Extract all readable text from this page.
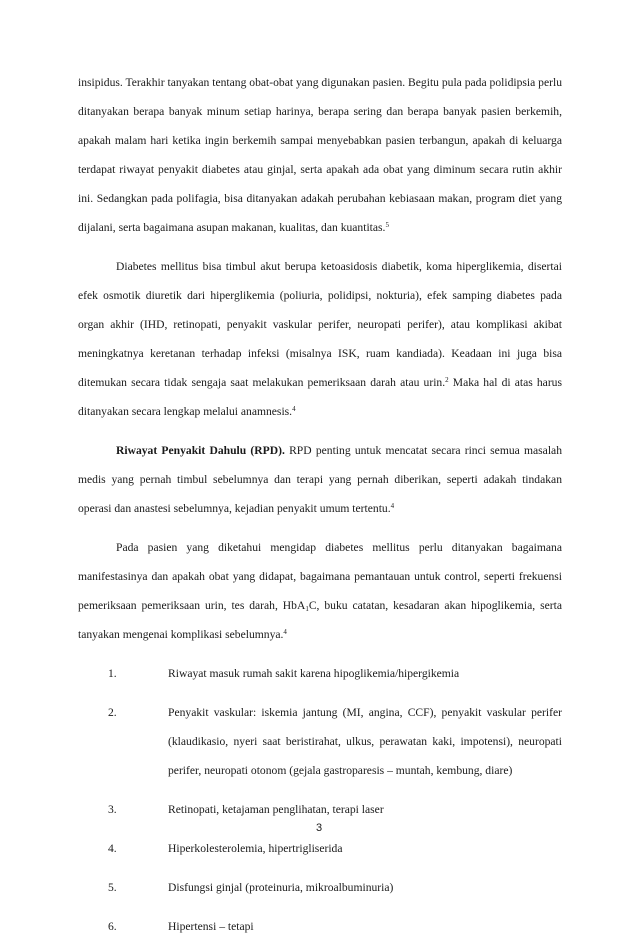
insipidus. Terakhir tanyakan tentang obat-obat yang digunakan pasien. Begitu pula pada polidipsia perlu ditanyakan berapa banyak minum setiap harinya, berapa sering dan berapa banyak pasien berkemih, apakah malam hari ketika ingin berkemih sampai menyebabkan pasien terbangun, apakah di keluarga terdapat riwayat penyakit diabetes atau ginjal, serta apakah ada obat yang diminum secara rutin akhir ini. Sedangkan pada polifagia, bisa ditanyakan adakah perubahan kebiasaan makan, program diet yang dijalani, serta bagaimana asupan makanan, kualitas, dan kuantitas.$^5$

Diabetes mellitus bisa timbul akut berupa ketoasidosis diabetik, koma hiperglikemia, disertai efek osmotik diuretik dari hiperglikemia (poliuria, polidipsi, nokturia), efek samping diabetes pada organ akhir (IHD, retinopati, penyakit vaskular perifer, neuropati perifer), atau komplikasi akibat meningkatnya keretanan terhadap infeksi (misalnya ISK, ruam kandiada). Keadaan ini juga bisa ditemukan secara tidak sengaja saat melakukan pemeriksaan darah atau urin.$^2$ Maka hal di atas harus ditanyakan secara lengkap melalui anamnesis.$^4$

Riwayat Penyakit Dahulu (RPD). RPD penting untuk mencatat secara rinci semua masalah medis yang pernah timbul sebelumnya dan terapi yang pernah diberikan, seperti adakah tindakan operasi dan anastesi sebelumnya, kejadian penyakit umum tertentu.$^4$

Pada pasien yang diketahui mengidap diabetes mellitus perlu ditanyakan bagaimana manifestasinya dan apakah obat yang didapat, bagaimana pemantauan untuk control, seperti frekuensi pemeriksaan pemeriksaan urin, tes darah, HbA$_1$C, buku catatan, kesadaran akan hipoglikemia, serta tanyakan mengenai komplikasi sebelumnya.$^4$

1.	Riwayat masuk rumah sakit karena hipoglikemia/hipergikemia
2.	Penyakit vaskular: iskemia jantung (MI, angina, CCF), penyakit vaskular perifer (klaudikasio, nyeri saat beristirahat, ulkus, perawatan kaki, impotensi), neuropati perifer, neuropati otonom (gejala gastroparesis – muntah, kembung, diare)
3.	Retinopati, ketajaman penglihatan, terapi laser
4.	Hiperkolesterolemia, hipertrigliserida
5.	Disfungsi ginjal (proteinuria, mikroalbuminuria)
6.	Hipertensi – tetapi
3
